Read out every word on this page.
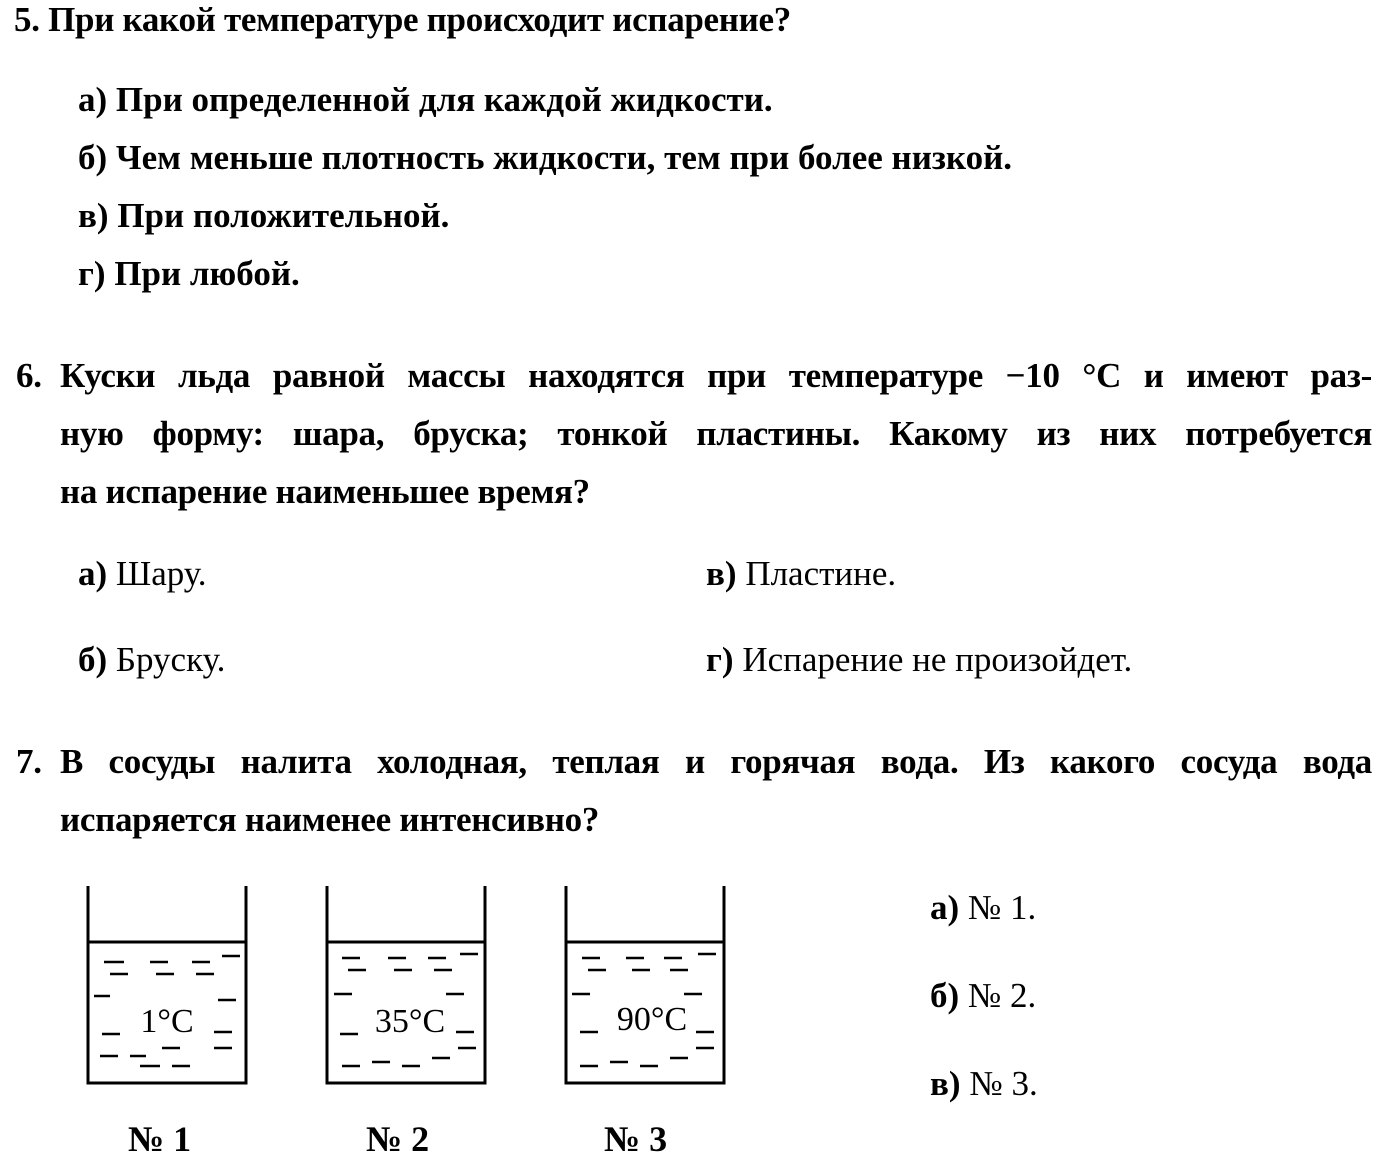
5. При какой температуре происходит испарение?
а) При определенной для каждой жидкости.
б) Чем меньше плотность жидкости, тем при более низкой.
в) При положительной.
г) При любой.
6. Куски льда равной массы находятся при температуре −10 °С и имеют раз-
ную форму: шара, бруска; тонкой пластины. Какому из них потребуется
на испарение наименьшее время?
а) Шару.	в) Пластине.
б) Бруску.	г) Испарение не произойдет.
7. В сосуды налита холодная, теплая и горячая вода. Из какого сосуда вода
испаряется наименее интенсивно?
1°C	35°C	90°C
№ 1	№ 2	№ 3
а) № 1.
б) № 2.
в) № 3.
